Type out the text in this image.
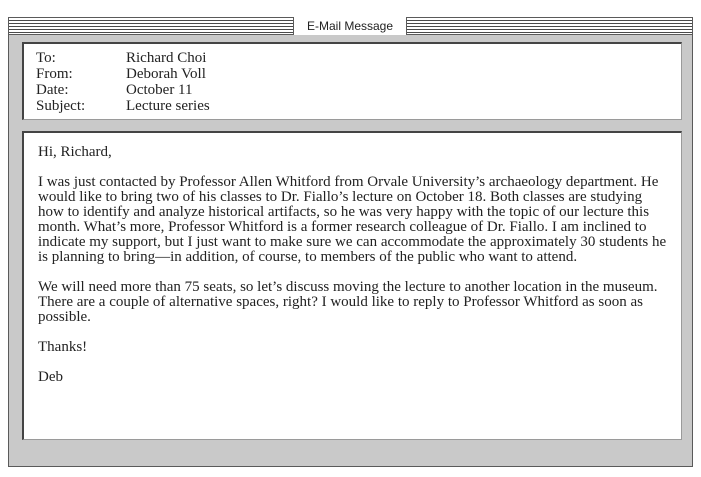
E-Mail Message
To:	Richard Choi
From:	Deborah Voll
Date:	October 11
Subject:	Lecture series

Hi, Richard,

I was just contacted by Professor Allen Whitford from Orvale University’s archaeology department. He would like to bring two of his classes to Dr. Fiallo’s lecture on October 18. Both classes are studying how to identify and analyze historical artifacts, so he was very happy with the topic of our lecture this month. What’s more, Professor Whitford is a former research colleague of Dr. Fiallo. I am inclined to indicate my support, but I just want to make sure we can accommodate the approximately 30 students he is planning to bring—in addition, of course, to members of the public who want to attend.

We will need more than 75 seats, so let’s discuss moving the lecture to another location in the museum. There are a couple of alternative spaces, right? I would like to reply to Professor Whitford as soon as possible.

Thanks!

Deb
